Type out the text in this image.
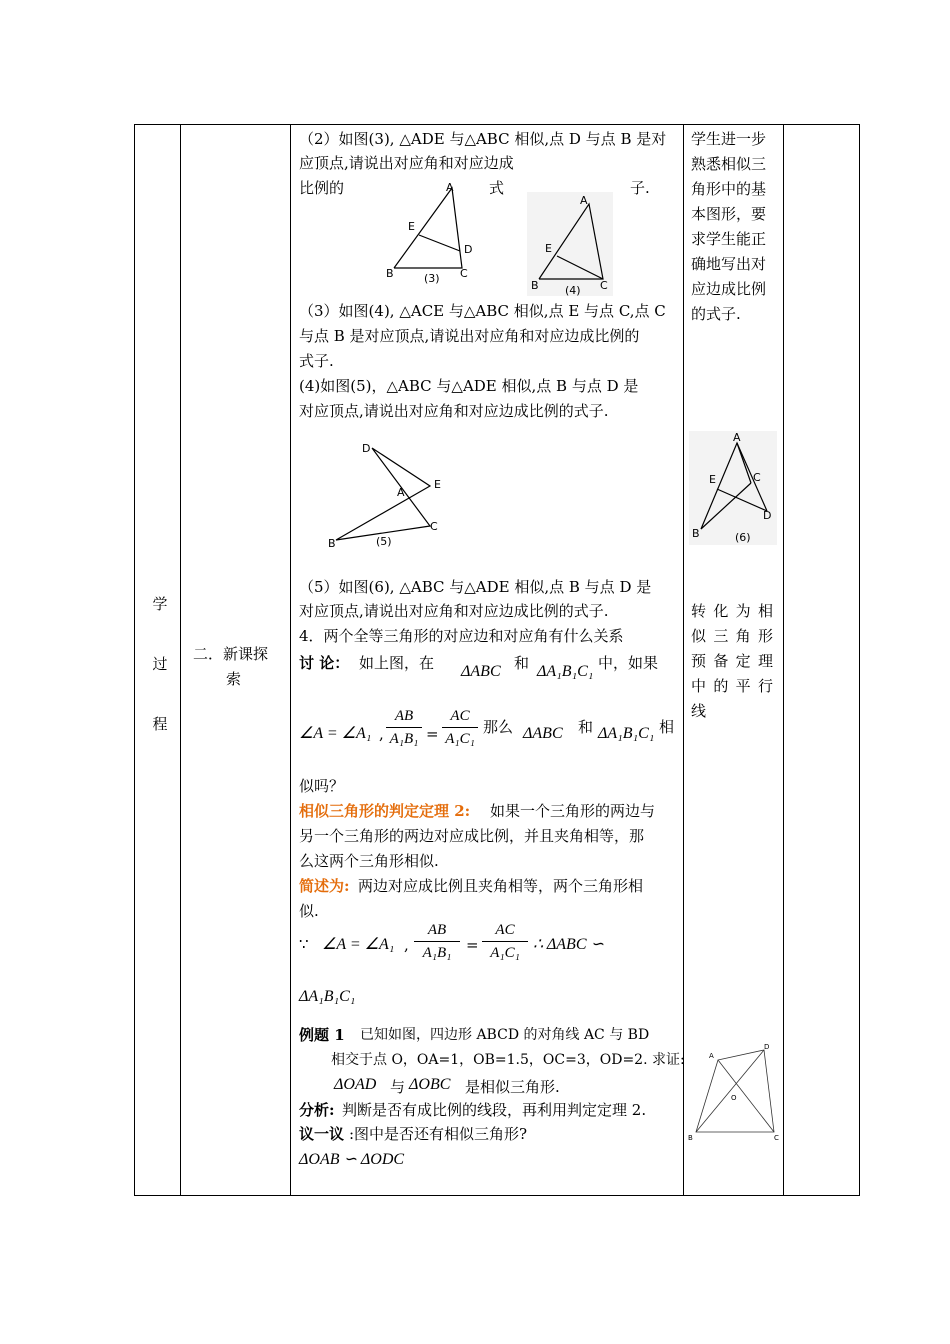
学
过
程
二．新课探
索
（2）如图(3), △ADE 与△ABC 相似,点 D 与点 B 是对
应顶点,请说出对应角和对应边成
比例的	式	子.
A
E
D
B	C
(3)
A
E
B	C
(4)
（3）如图(4), △ACE 与△ABC 相似,点 E 与点 C,点 C
与点 B 是对应顶点,请说出对应角和对应边成比例的
式子.
(4)如图(5)，△ABC 与△ADE 相似,点 B 与点 D 是
对应顶点,请说出对应角和对应边成比例的式子.
D
A
E
C
B	(5)
（5）如图(6), △ABC 与△ADE 相似,点 B 与点 D 是
对应顶点,请说出对应角和对应边成比例的式子.
4．两个全等三角形的对应边和对应角有什么关系
讨 论： 如上图，在 ΔABC 和 ΔA₁B₁C₁ 中，如果
∠A = ∠A₁ ,
AB
A₁B₁ =
AC
A₁C₁
那么 ΔABC 和 ΔA₁B₁C₁ 相
似吗？
相似三角形的判定定理 2: 如果一个三角形的两边与
另一个三角形的两边对应成比例，并且夹角相等，那
么这两个三角形相似.
简述为: 两边对应成比例且夹角相等，两个三角形相
似.
∵ ∠A = ∠A₁ ,
AB
A₁B₁ =
AC
A₁C₁ ∴ ΔABC ∽
ΔA₁B₁C₁
例题 1 已知如图，四边形 ABCD 的对角线 AC 与 BD
相交于点 O，OA=1，OB=1.5，OC=3，OD=2. 求证:
ΔOAD 与 ΔOBC 是相似三角形.
分析: 判断是否有成比例的线段，再利用判定定理 2.
议一议 :图中是否还有相似三角形?
ΔOAB ∽ ΔODC
学生进一步熟悉相似三角形中的基本图形，要求学生能正确地写出对应边成比例的式子.
A
E	C
D
B	(6)
转化为相似三角形预备定理中的平行线
A
D
O
B	C
